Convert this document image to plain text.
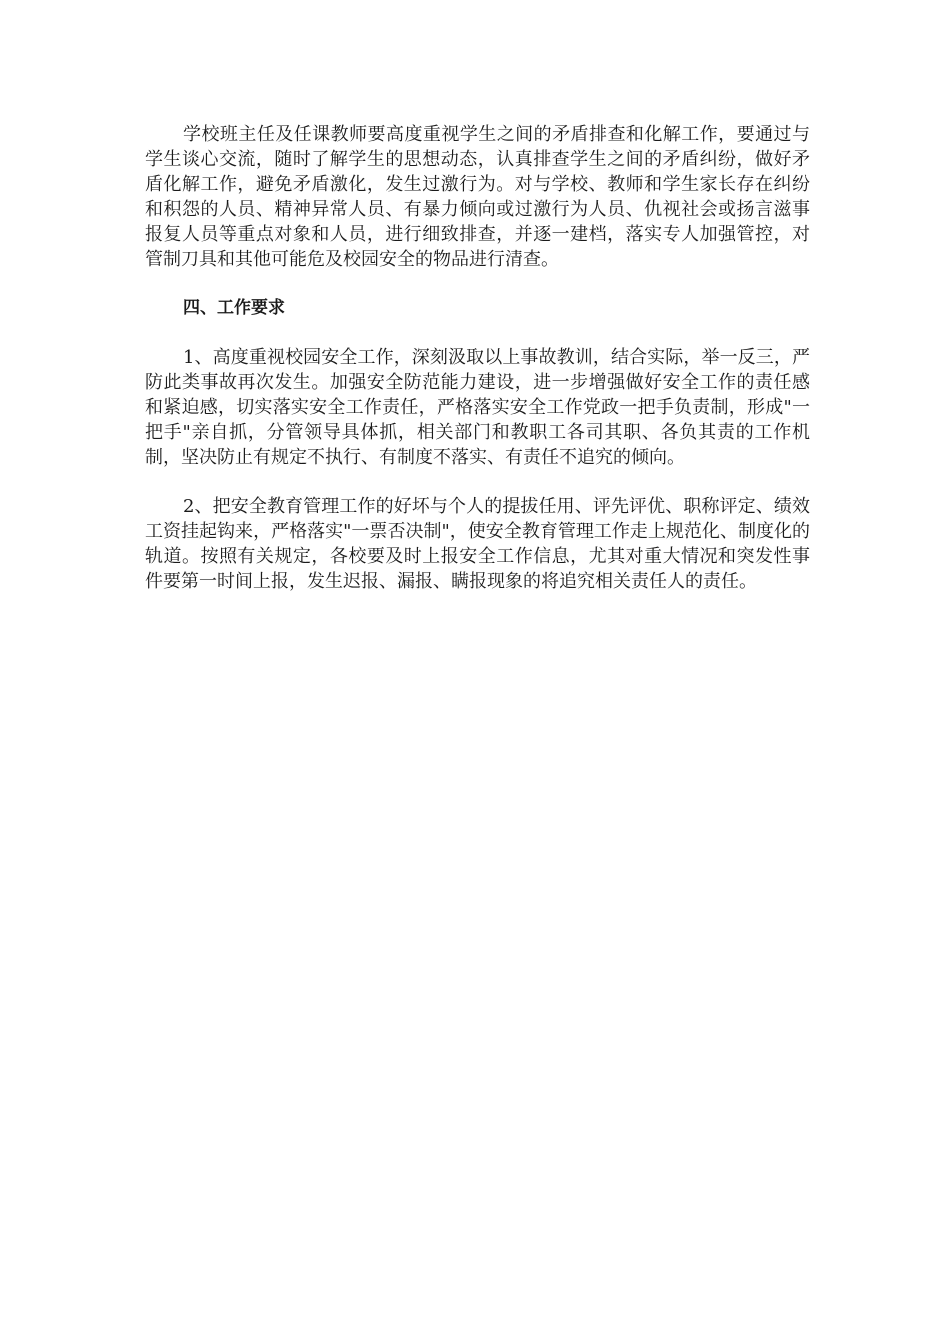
学校班主任及任课教师要高度重视学生之间的矛盾排查和化解工作，要通过与学生谈心交流，随时了解学生的思想动态，认真排查学生之间的矛盾纠纷，做好矛盾化解工作，避免矛盾激化，发生过激行为。对与学校、教师和学生家长存在纠纷和积怨的人员、精神异常人员、有暴力倾向或过激行为人员、仇视社会或扬言滋事报复人员等重点对象和人员，进行细致排查，并逐一建档，落实专人加强管控，对管制刀具和其他可能危及校园安全的物品进行清查。

四、工作要求

1、高度重视校园安全工作，深刻汲取以上事故教训，结合实际，举一反三，严防此类事故再次发生。加强安全防范能力建设，进一步增强做好安全工作的责任感和紧迫感，切实落实安全工作责任，严格落实安全工作党政一把手负责制，形成"一把手"亲自抓，分管领导具体抓，相关部门和教职工各司其职、各负其责的工作机制，坚决防止有规定不执行、有制度不落实、有责任不追究的倾向。

2、把安全教育管理工作的好坏与个人的提拔任用、评先评优、职称评定、绩效工资挂起钩来，严格落实"一票否决制"，使安全教育管理工作走上规范化、制度化的轨道。按照有关规定，各校要及时上报安全工作信息，尤其对重大情况和突发性事件要第一时间上报，发生迟报、漏报、瞒报现象的将追究相关责任人的责任。
